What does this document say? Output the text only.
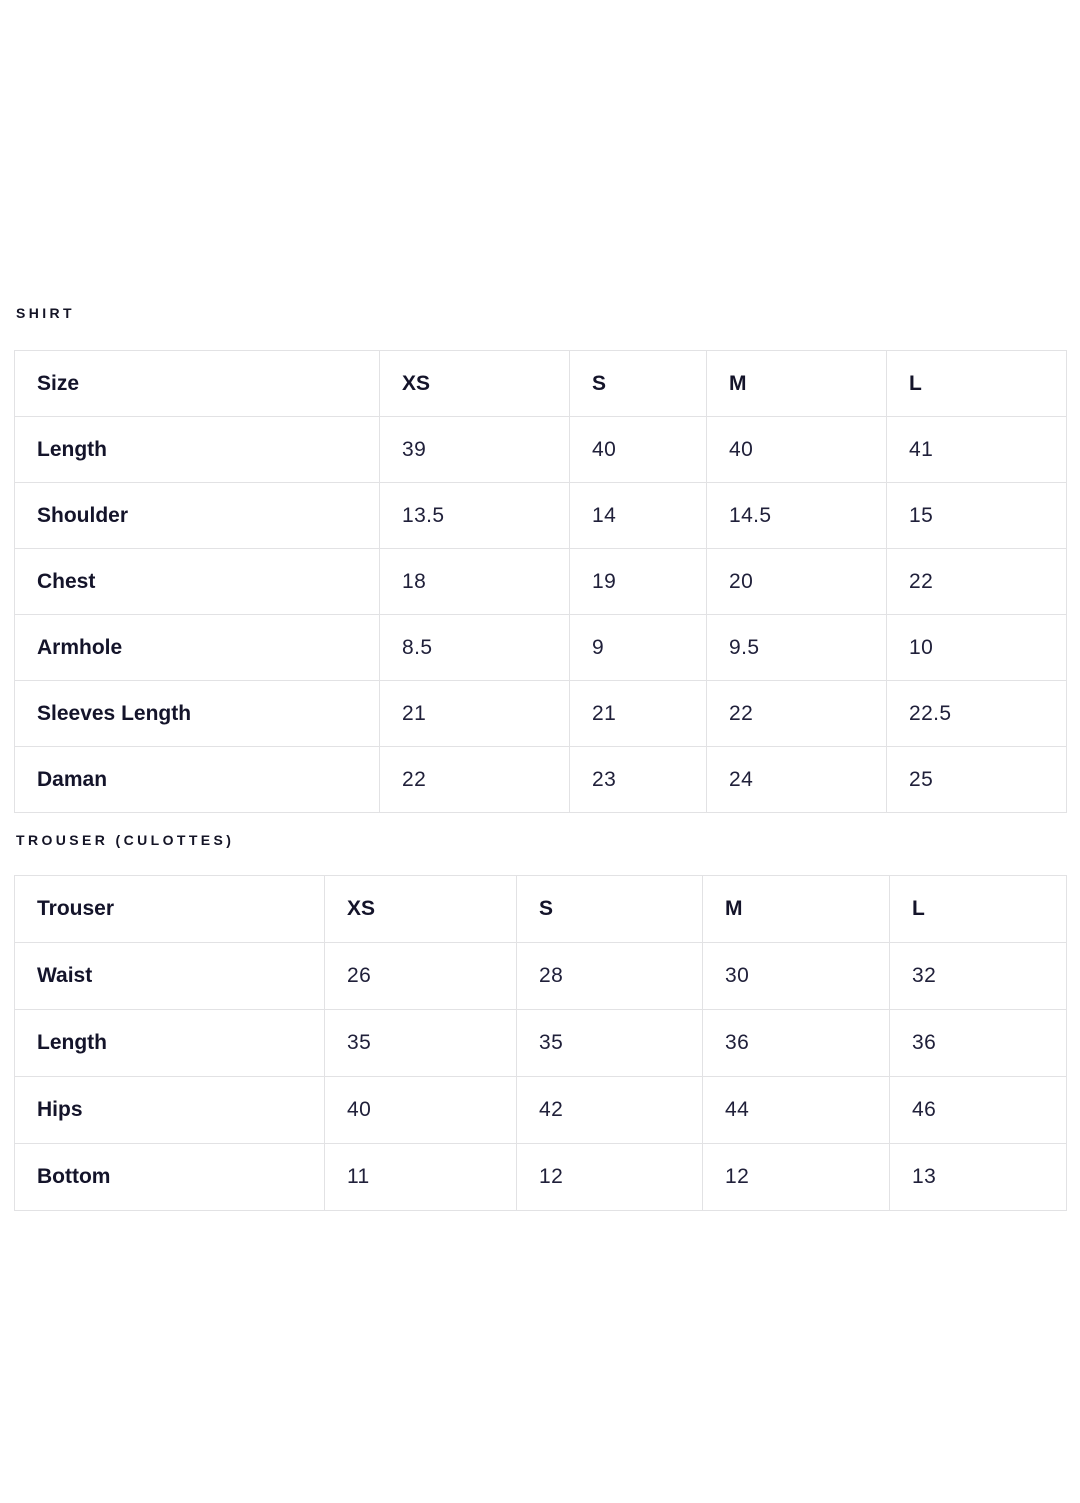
SHIRT
Size	XS	S	M	L
Length	39	40	40	41
Shoulder	13.5	14	14.5	15
Chest	18	19	20	22
Armhole	8.5	9	9.5	10
Sleeves Length	21	21	22	22.5
Daman	22	23	24	25
TROUSER (CULOTTES)
Trouser	XS	S	M	L
Waist	26	28	30	32
Length	35	35	36	36
Hips	40	42	44	46
Bottom	11	12	12	13
